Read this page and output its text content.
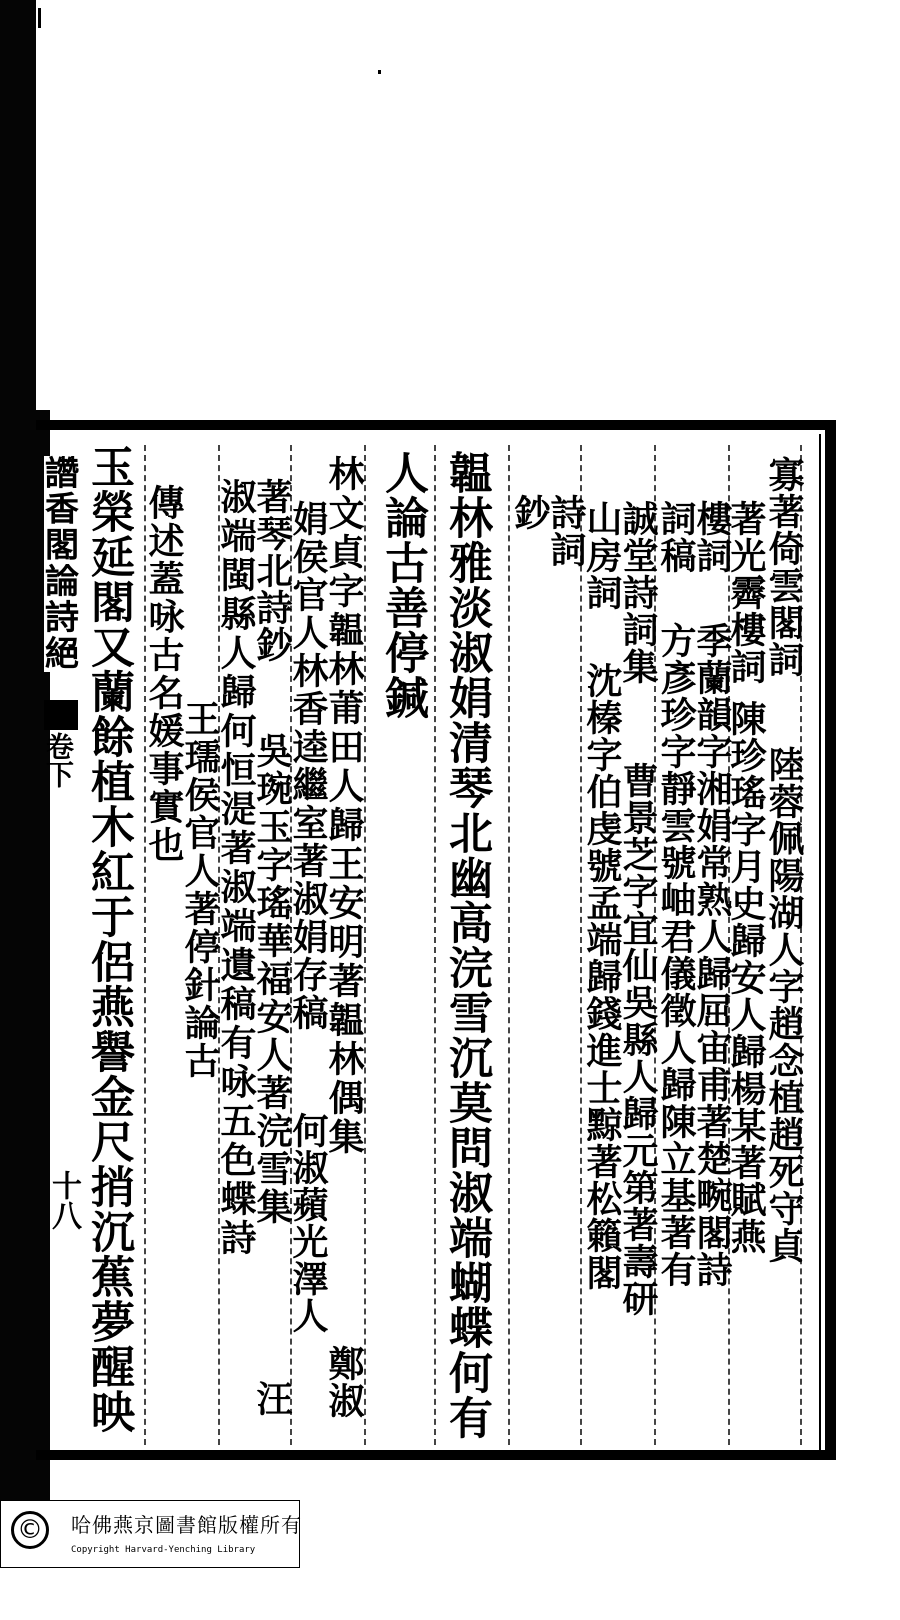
𧮂香閣論詩絕
卷下
十八
寡著倚雲閣詞
陸蓉佩陽湖人字趙念植趙死守貞
著光霽樓詞
陳珍瑤字月史歸安人歸楊某著賦燕
樓詞
季蘭韻字湘娟常熟人歸屈宙甫著楚畹閣詩
詞稿
方彥珍字靜雲號岫君儀徵人歸陳立基著有
誠堂詩詞集
曹景芝字宜仙吳縣人歸元第著壽研
山房詞
沈榛字伯虔號孟端歸錢進士黥著松籟閣
詩詞
鈔
韞林雅淡淑娟清琴北幽高浣雪沉莫問淑端蝴蝶何有
人論古善停鍼
林文貞字韞林莆田人歸王安明著韞林偶集
鄭淑
娟侯官人林香逵繼室著淑娟存稿
何淑蘋光澤人
著琴北詩鈔
吳琬玉字瑤華福安人著浣雪集
汪
淑端閩縣人歸何恒湜著淑端遺稿有咏五色蝶詩
王瓀侯官人著停針論古
傳述蓋咏古名媛事實也
玉榮延閣又蘭餘植木紅于侶燕譽金尺捎沉蕉夢醒映
©	哈佛燕京圖書館版權所有
Copyright Harvard-Yenching Library
